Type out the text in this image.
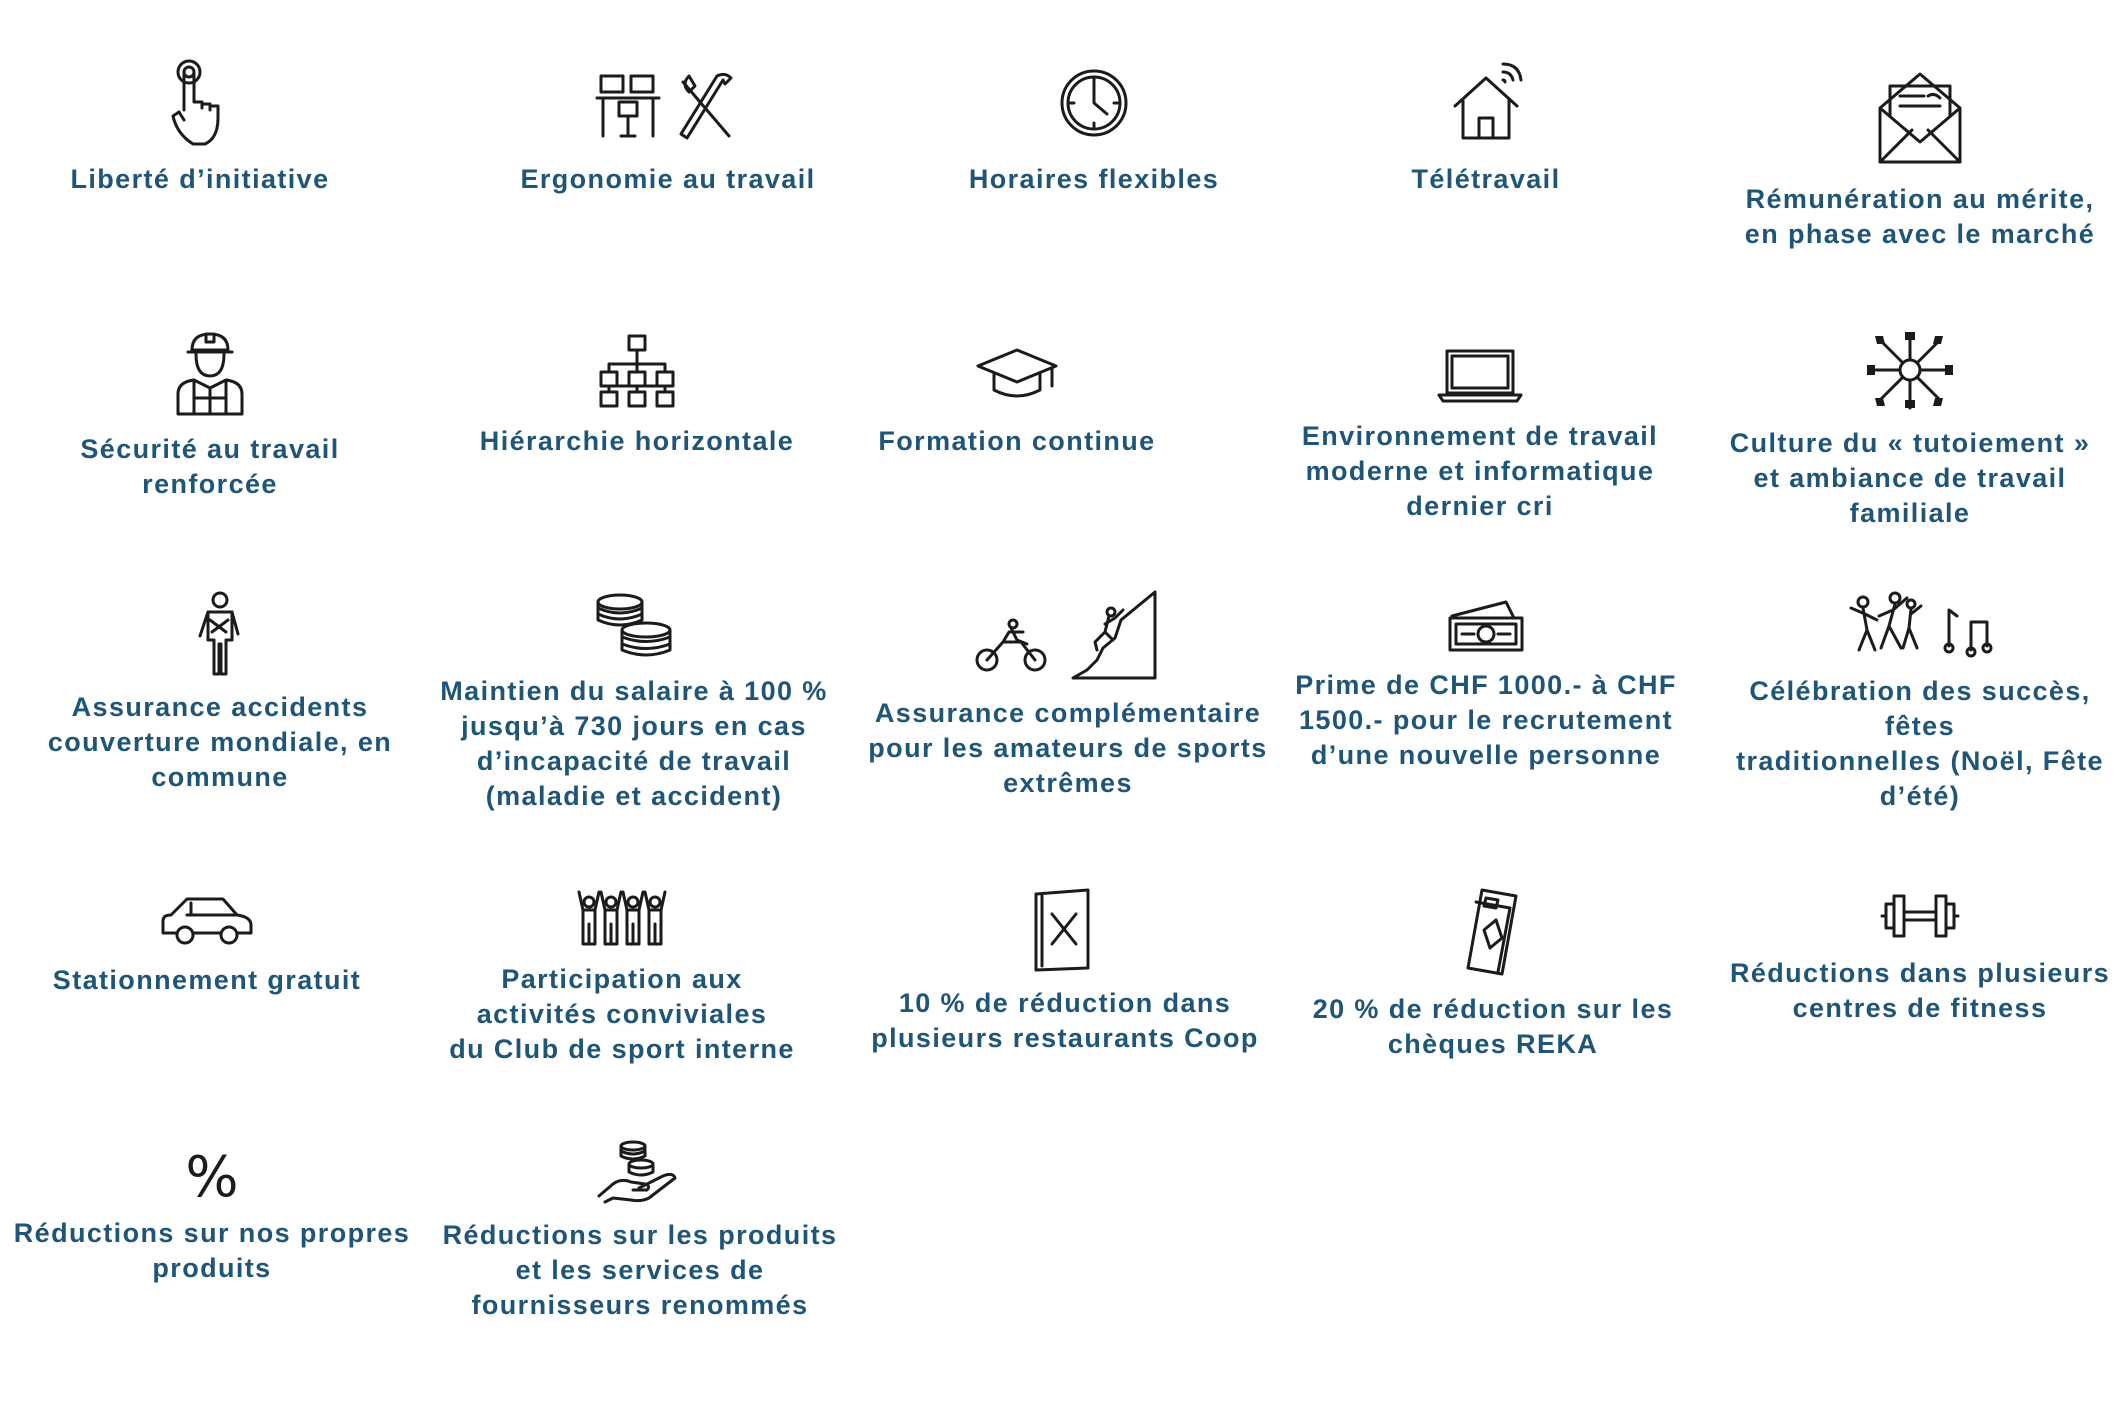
Liberté d’initiative	Ergonomie au travail	Horaires flexibles	Télétravail
Rémunération au mérite,
en phase avec le marché
Sécurité au travail renforcée
Hiérarchie horizontale	Formation continue	Environnement de travail
moderne et informatique
dernier cri
Culture du « tutoiement »
et ambiance de travail
familiale
Assurance accidents
couverture mondiale, en
commune
Maintien du salaire à 100 %
jusqu’à 730 jours en cas
d’incapacité de travail
(maladie et accident)
Assurance complémentaire
pour les amateurs de sports
extrêmes
Prime de CHF 1000.- à CHF
1500.- pour le recrutement
d’une nouvelle personne
Célébration des succès, fêtes
traditionnelles (Noël, Fête
d’été)
Stationnement gratuit	Participation aux
activités conviviales
du Club de sport interne
10 % de réduction dans
plusieurs restaurants Coop
20 % de réduction sur les
chèques REKA
Réductions dans plusieurs
centres de fitness
%
Réductions sur nos propres
produits
Réductions sur les produits
et les services de
fournisseurs renommés
